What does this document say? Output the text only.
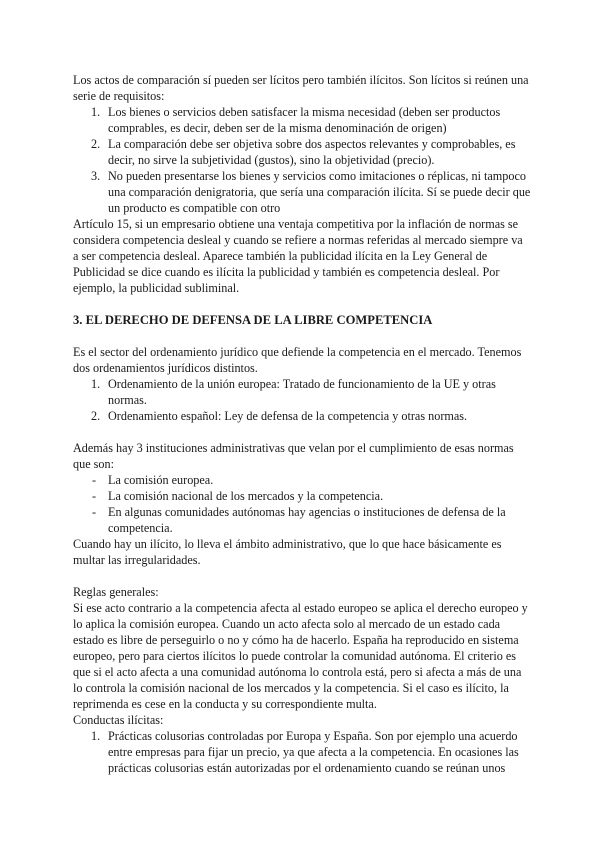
Los actos de comparación sí pueden ser lícitos pero también ilícitos. Son lícitos si reúnen una serie de requisitos:

1. Los bienes o servicios deben satisfacer la misma necesidad (deben ser productos comprables, es decir, deben ser de la misma denominación de origen)
2. La comparación debe ser objetiva sobre dos aspectos relevantes y comprobables, es decir, no sirve la subjetividad (gustos), sino la objetividad (precio).
3. No pueden presentarse los bienes y servicios como imitaciones o réplicas, ni tampoco una comparación denigratoria, que sería una comparación ilícita. Sí se puede decir que un producto es compatible con otro

Artículo 15, si un empresario obtiene una ventaja competitiva por la inflación de normas se considera competencia desleal y cuando se refiere a normas referidas al mercado siempre va a ser competencia desleal. Aparece también la publicidad ilícita en la Ley General de Publicidad se dice cuando es ilícita la publicidad y también es competencia desleal. Por ejemplo, la publicidad subliminal.

3. EL DERECHO DE DEFENSA DE LA LIBRE COMPETENCIA

Es el sector del ordenamiento jurídico que defiende la competencia en el mercado. Tenemos dos ordenamientos jurídicos distintos.

1. Ordenamiento de la unión europea: Tratado de funcionamiento de la UE y otras normas.
2. Ordenamiento español: Ley de defensa de la competencia y otras normas.

Además hay 3 instituciones administrativas que velan por el cumplimiento de esas normas que son:

- La comisión europea.
- La comisión nacional de los mercados y la competencia.
- En algunas comunidades autónomas hay agencias o instituciones de defensa de la competencia.

Cuando hay un ilícito, lo lleva el ámbito administrativo, que lo que hace básicamente es multar las irregularidades.

Reglas generales:

Si ese acto contrario a la competencia afecta al estado europeo se aplica el derecho europeo y lo aplica la comisión europea. Cuando un acto afecta solo al mercado de un estado cada estado es libre de perseguirlo o no y cómo ha de hacerlo. España ha reproducido en sistema europeo, pero para ciertos ilícitos lo puede controlar la comunidad autónoma. El criterio es que si el acto afecta a una comunidad autónoma lo controla está, pero si afecta a más de una lo controla la comisión nacional de los mercados y la competencia. Si el caso es ilícito, la reprimenda es cese en la conducta y su correspondiente multa.

Conductas ilícitas:

1. Prácticas colusorias controladas por Europa y España. Son por ejemplo una acuerdo entre empresas para fijar un precio, ya que afecta a la competencia. En ocasiones las prácticas colusorias están autorizadas por el ordenamiento cuando se reúnan unos
